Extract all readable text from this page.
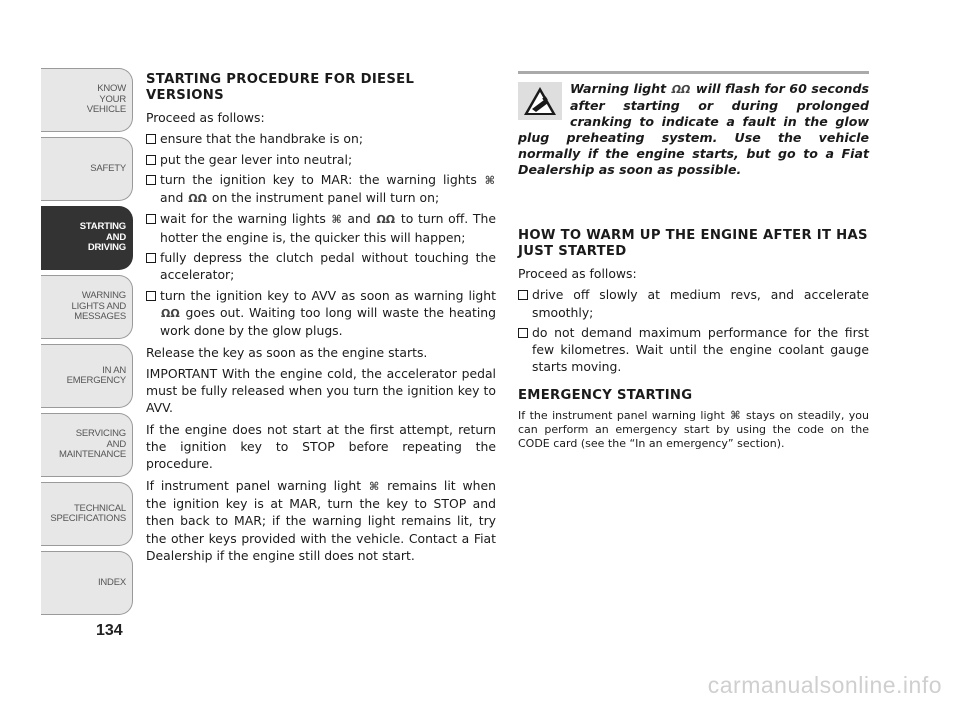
KNOW
YOUR
VEHICLE
SAFETY
STARTING
AND
DRIVING
WARNING
LIGHTS AND
MESSAGES
IN AN
EMERGENCY
SERVICING
AND
MAINTENANCE
TECHNICAL
SPECIFICATIONS
INDEX
134
STARTING PROCEDURE FOR DIESEL VERSIONS

Proceed as follows:

ensure that the handbrake is on;
put the gear lever into neutral;
turn the ignition key to MAR: the warning lights ⌘ and ΩΩ on the instrument panel will turn on;
wait for the warning lights ⌘ and ΩΩ to turn off. The hotter the engine is, the quicker this will happen;
fully depress the clutch pedal without touching the accelerator;
turn the ignition key to AVV as soon as warning light ΩΩ goes out. Waiting too long will waste the heating work done by the glow plugs.

Release the key as soon as the engine starts.

IMPORTANT With the engine cold, the accelerator pedal must be fully released when you turn the ignition key to AVV.

If the engine does not start at the first attempt, return the ignition key to STOP before repeating the procedure.

If instrument panel warning light ⌘ remains lit when the ignition key is at MAR, turn the key to STOP and then back to MAR; if the warning light remains lit, try the other keys provided with the vehicle. Contact a Fiat Dealership if the engine still does not start.

Warning light ΩΩ will flash for 60 seconds after starting or during prolonged cranking to indicate a fault in the glow plug preheating system. Use the vehicle normally if the engine starts, but go to a Fiat Dealership as soon as possible.
HOW TO WARM UP THE ENGINE AFTER IT HAS JUST STARTED

Proceed as follows:

drive off slowly at medium revs, and accelerate smoothly;
do not demand maximum performance for the first few kilometres. Wait until the engine coolant gauge starts moving.
EMERGENCY STARTING

If the instrument panel warning light ⌘ stays on steadily, you can perform an emergency start by using the code on the CODE card (see the “In an emergency” section).

carmanualsonline.info
